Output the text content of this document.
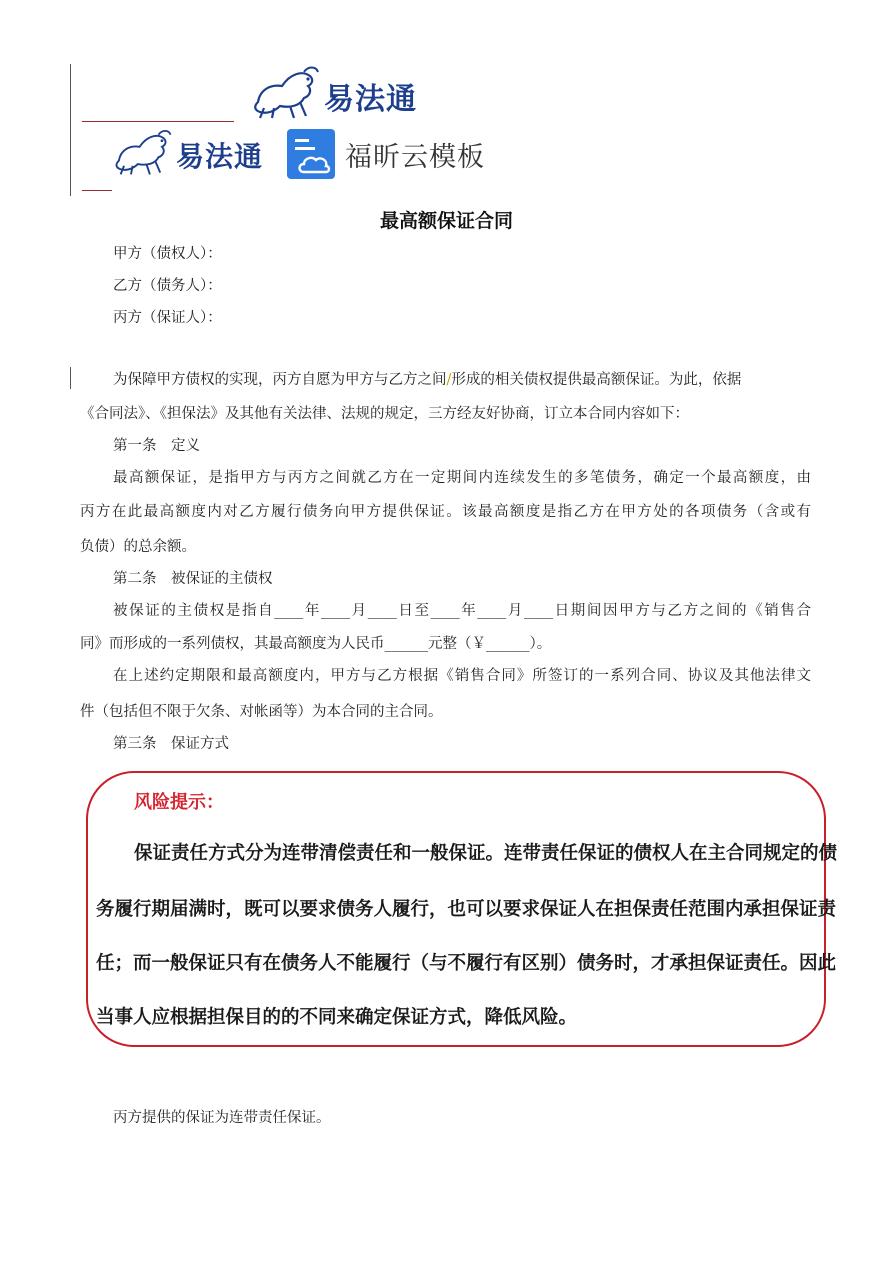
易法通
易法通	福昕云模板
最高额保证合同
甲方（债权人）：
乙方（债务人）：
丙方（保证人）：
为保障甲方债权的实现，丙方自愿为甲方与乙方之间/形成的相关债权提供最高额保证。为此，依据
《合同法》、《担保法》及其他有关法律、法规的规定，三方经友好协商，订立本合同内容如下：
第一条　定义
最高额保证，是指甲方与丙方之间就乙方在一定期间内连续发生的多笔债务，确定一个最高额度，由
丙方在此最高额度内对乙方履行债务向甲方提供保证。该最高额度是指乙方在甲方处的各项债务（含或有
负债）的总余额。
第二条　被保证的主债权
被保证的主债权是指自____年____月____日至____年____月____日期间因甲方与乙方之间的《销售合
同》而形成的一系列债权，其最高额度为人民币______元整（￥______）。
在上述约定期限和最高额度内，甲方与乙方根据《销售合同》所签订的一系列合同、协议及其他法律文
件（包括但不限于欠条、对帐函等）为本合同的主合同。
第三条　保证方式
风险提示：
保证责任方式分为连带清偿责任和一般保证。连带责任保证的债权人在主合同规定的债
务履行期届满时，既可以要求债务人履行，也可以要求保证人在担保责任范围内承担保证责
任；而一般保证只有在债务人不能履行（与不履行有区别）债务时，才承担保证责任。因此
当事人应根据担保目的的不同来确定保证方式，降低风险。
丙方提供的保证为连带责任保证。
